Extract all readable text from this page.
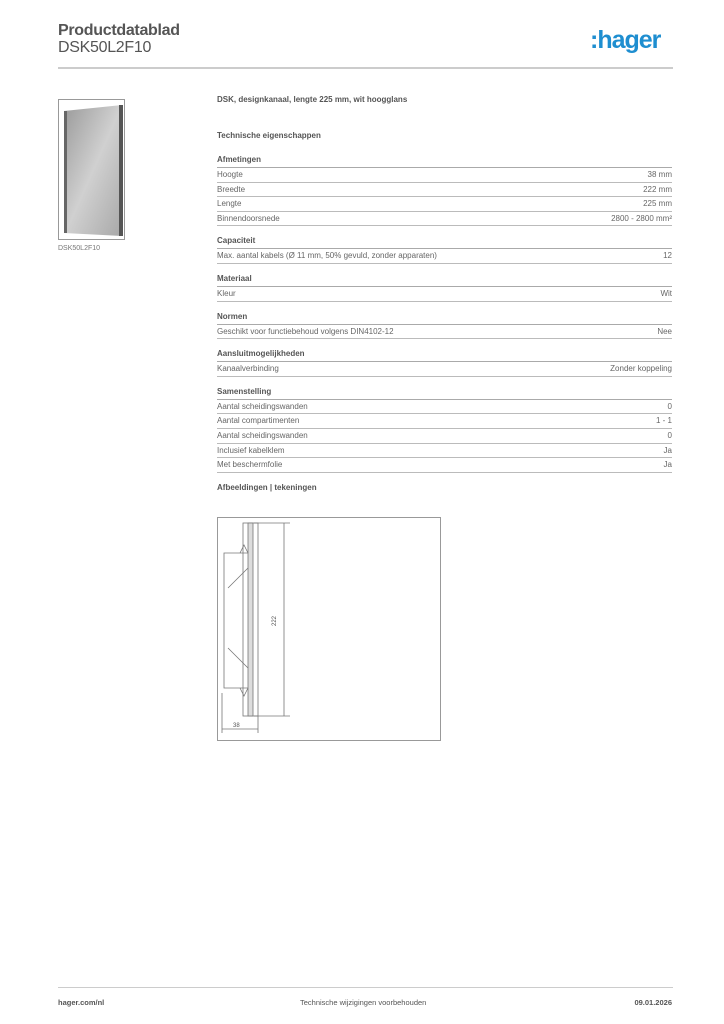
Productdatablad
DSK50L2F10	:hager
DSK50L2F10
DSK, designkanaal, lengte 225 mm, wit hoogglans
Technische eigenschappen
Afmetingen
Hoogte	38 mm
Breedte	222 mm
Lengte	225 mm
Binnendoorsnede	2800 - 2800 mm²
Capaciteit
Max. aantal kabels (Ø 11 mm, 50% gevuld, zonder apparaten)	12
Materiaal
Kleur	Wit
Normen
Geschikt voor functiebehoud volgens DIN4102-12	Nee
Aansluitmogelijkheden
Kanaalverbinding	Zonder koppeling
Samenstelling
Aantal scheidingswanden	0
Aantal compartimenten	1 - 1
Aantal scheidingswanden	0
Inclusief kabelklem	Ja
Met beschermfolie	Ja
Afbeeldingen | tekeningen
222
38
hager.com/nl	Technische wijzigingen voorbehouden	09.01.2026
